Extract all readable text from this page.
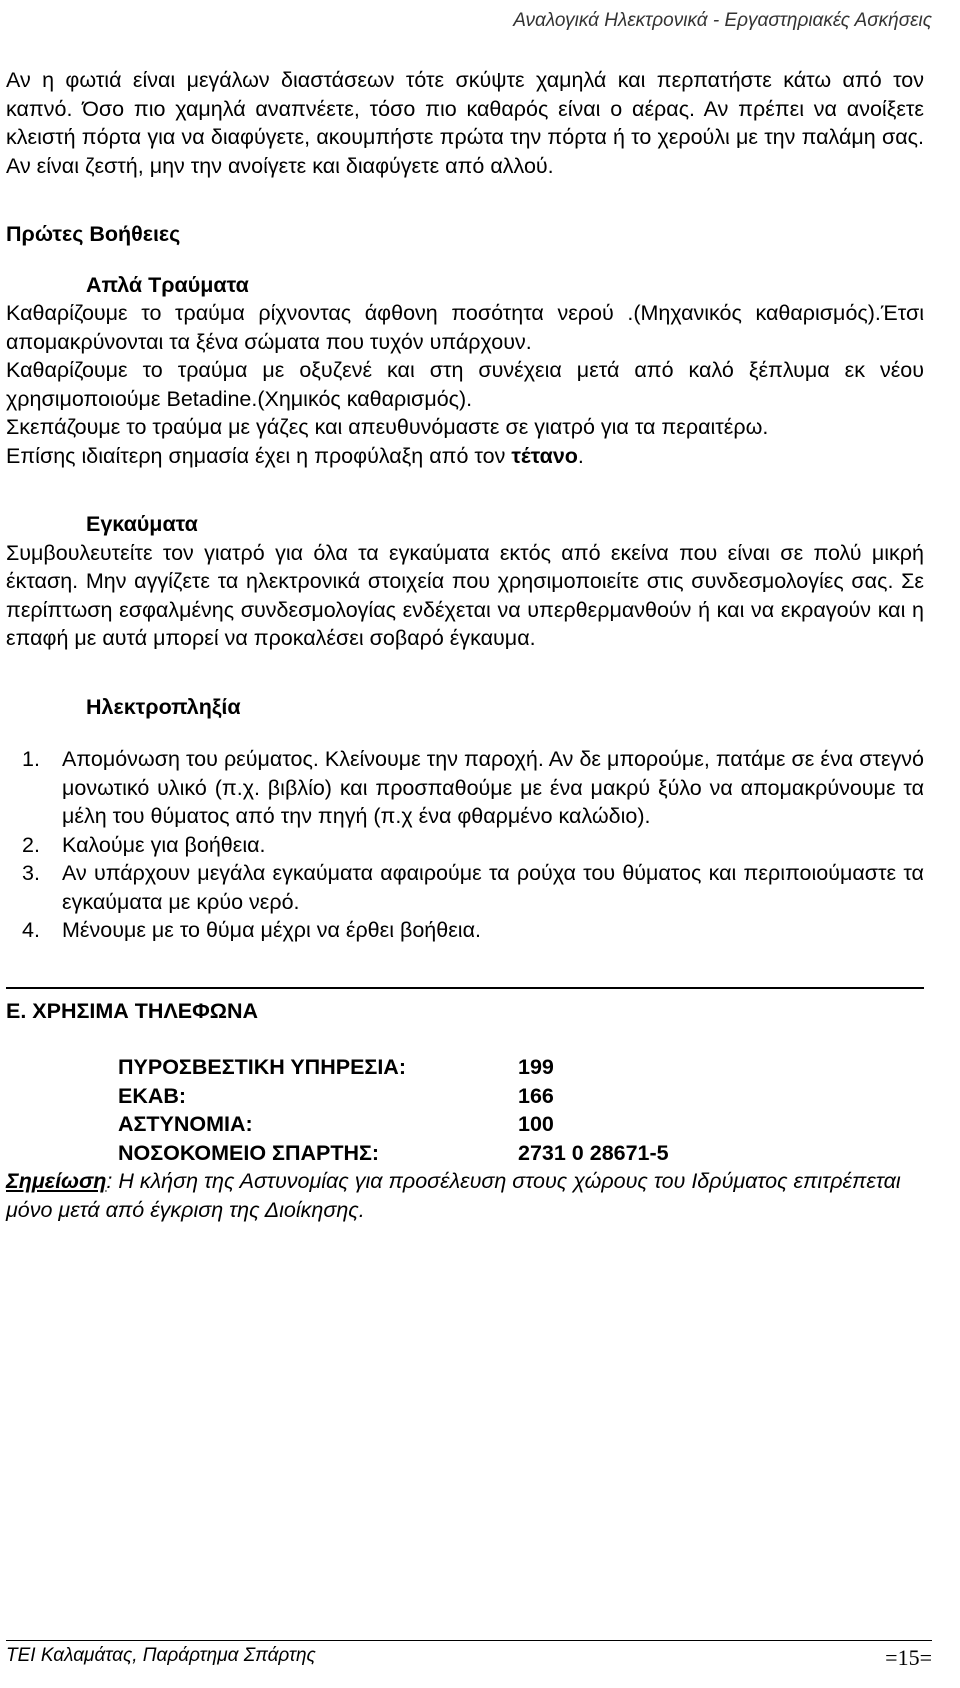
Αναλογικά Ηλεκτρονικά - Εργαστηριακές Ασκήσεις

Αν η φωτιά είναι μεγάλων διαστάσεων τότε σκύψτε χαμηλά και περπατήστε κάτω από τον καπνό. Όσο πιο χαμηλά αναπνέετε, τόσο πιο καθαρός είναι ο αέρας. Αν πρέπει να ανοίξετε κλειστή πόρτα για να διαφύγετε, ακουμπήστε πρώτα την πόρτα ή το χερούλι με την παλάμη σας. Αν είναι ζεστή, μην την ανοίγετε και διαφύγετε από αλλού.

Πρώτες Βοήθειες
Απλά Τραύματα

Καθαρίζουμε το τραύμα ρίχνοντας άφθονη ποσότητα νερού .(Μηχανικός καθαρισμός).Έτσι απομακρύνονται τα ξένα σώματα που τυχόν υπάρχουν.

Καθαρίζουμε το τραύμα με οξυζενέ και στη συνέχεια μετά από καλό ξέπλυμα εκ νέου χρησιμοποιούμε Betadine.(Χημικός καθαρισμός).

Σκεπάζουμε το τραύμα με γάζες και απευθυνόμαστε σε γιατρό για τα περαιτέρω.

Επίσης ιδιαίτερη σημασία έχει η προφύλαξη από τον τέτανο.

Εγκαύματα

Συμβουλευτείτε τον γιατρό για όλα τα εγκαύματα εκτός από εκείνα που είναι σε πολύ μικρή έκταση. Μην αγγίζετε τα ηλεκτρονικά στοιχεία που χρησιμοποιείτε στις συνδεσμολογίες σας. Σε περίπτωση εσφαλμένης συνδεσμολογίας ενδέχεται να υπερθερμανθούν ή και να εκραγούν και η επαφή με αυτά μπορεί να προκαλέσει σοβαρό έγκαυμα.

Ηλεκτροπληξία
1.	Απομόνωση του ρεύματος. Κλείνουμε την παροχή. Αν δε μπορούμε, πατάμε σε ένα στεγνό μονωτικό υλικό (π.χ. βιβλίο) και προσπαθούμε με ένα μακρύ ξύλο να απομακρύνουμε τα μέλη του θύματος από την πηγή (π.χ ένα φθαρμένο καλώδιο).
2.	Καλούμε για βοήθεια.
3.	Αν υπάρχουν μεγάλα εγκαύματα αφαιρούμε τα ρούχα του θύματος και περιποιούμαστε τα εγκαύματα με κρύο νερό.
4.	Μένουμε με το θύμα μέχρι να έρθει βοήθεια.
Ε. ΧΡΗΣΙΜΑ ΤΗΛΕΦΩΝΑ
ΠΥΡΟΣΒΕΣΤΙΚΗ ΥΠΗΡΕΣΙΑ:	199
ΕΚΑΒ:	166
ΑΣΤΥΝΟΜΙΑ:	100
ΝΟΣΟΚΟΜΕΙΟ ΣΠΑΡΤΗΣ:	2731 0 28671-5

Σημείωση: Η κλήση της Αστυνομίας για προσέλευση στους χώρους του Ιδρύματος επιτρέπεται μόνο μετά από έγκριση της Διοίκησης.

ΤΕΙ Καλαμάτας, Παράρτημα Σπάρτης	=15=
